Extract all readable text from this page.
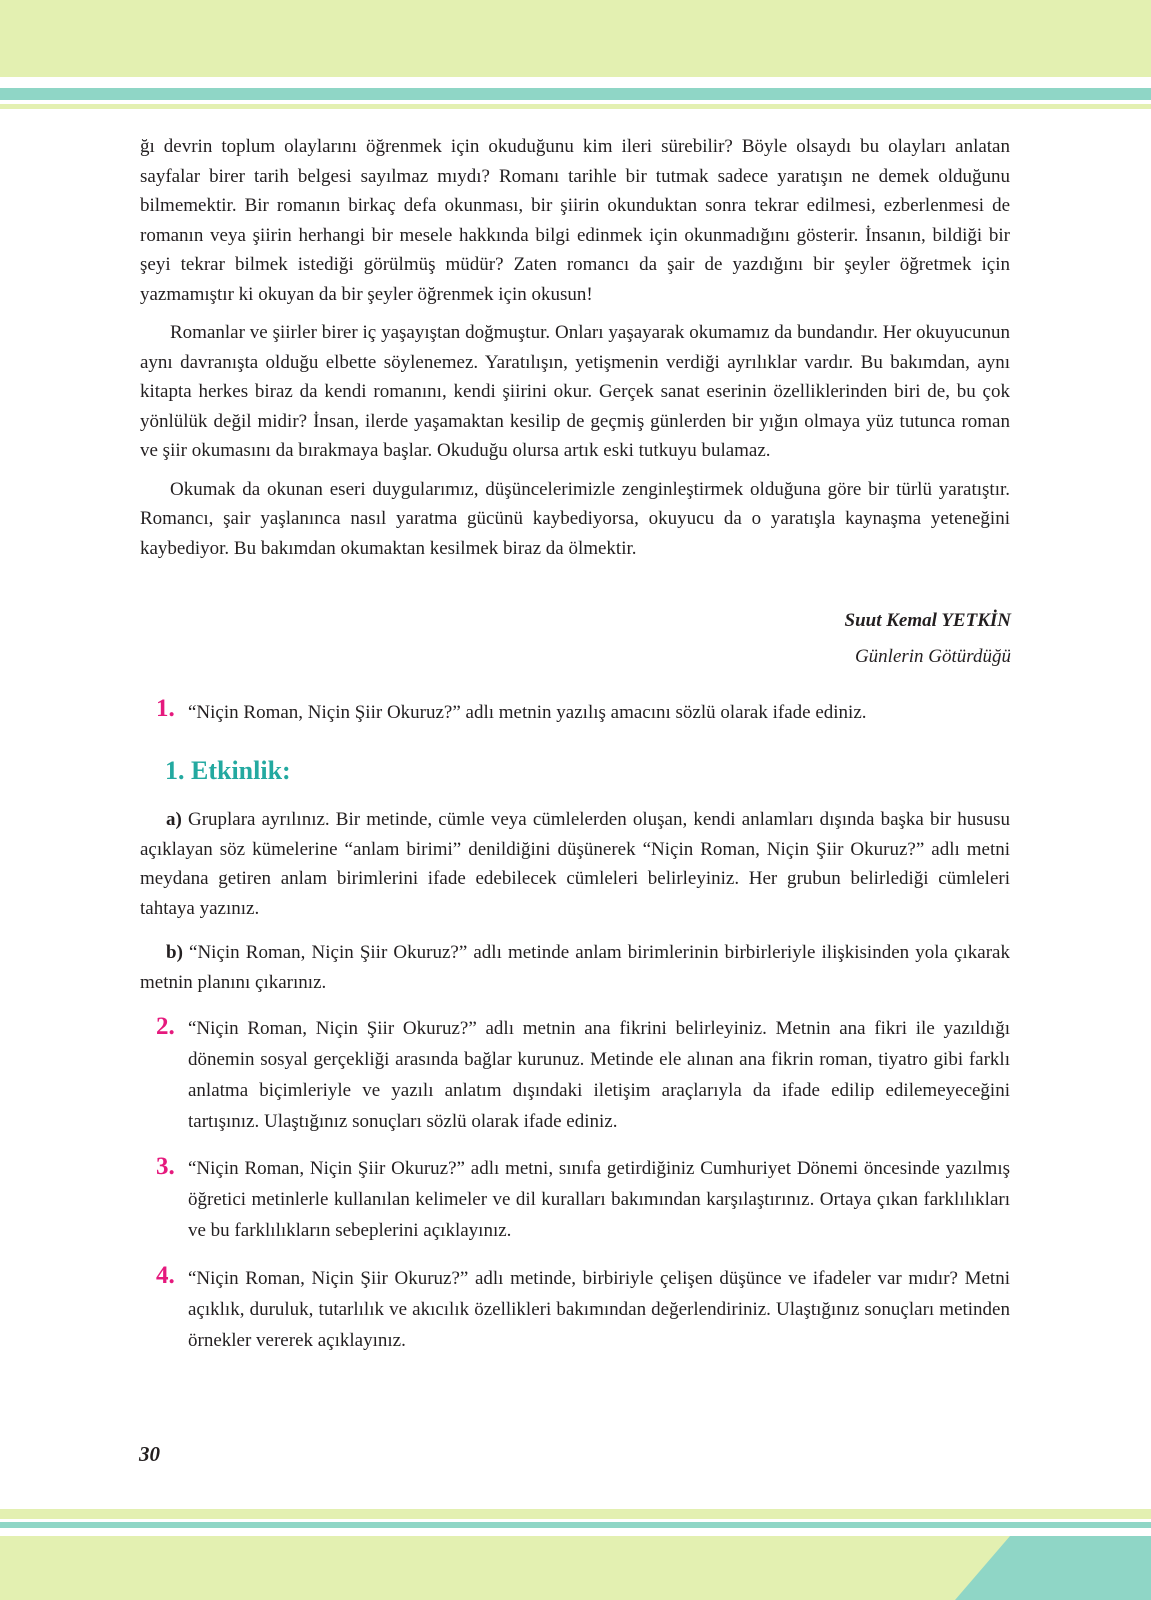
ğı devrin toplum olaylarını öğrenmek için okuduğunu kim ileri sürebilir? Böyle olsaydı bu olayları anlatan sayfalar birer tarih belgesi sayılmaz mıydı? Romanı tarihle bir tutmak sadece yaratışın ne demek olduğunu bilmemektir. Bir romanın birkaç defa okunması, bir şiirin okunduktan sonra tekrar edilmesi, ezberlenmesi de romanın veya şiirin herhangi bir mesele hakkında bilgi edinmek için okunmadığını gösterir. İnsanın, bildiği bir şeyi tekrar bilmek istediği görülmüş müdür? Zaten romancı da şair de yazdığını bir şeyler öğretmek için yazmamıştır ki okuyan da bir şeyler öğrenmek için okusun!

Romanlar ve şiirler birer iç yaşayıştan doğmuştur. Onları yaşayarak okumamız da bundandır. Her okuyucunun aynı davranışta olduğu elbette söylenemez. Yaratılışın, yetişmenin verdiği ayrılıklar vardır. Bu bakımdan, aynı kitapta herkes biraz da kendi romanını, kendi şiirini okur. Gerçek sanat eserinin özelliklerinden biri de, bu çok yönlülük değil midir? İnsan, ilerde yaşamaktan kesilip de geçmiş günlerden bir yığın olmaya yüz tutunca roman ve şiir okumasını da bırakmaya başlar. Okuduğu olursa artık eski tutkuyu bulamaz.

Okumak da okunan eseri duygularımız, düşüncelerimizle zenginleştirmek olduğuna göre bir türlü yaratıştır. Romancı, şair yaşlanınca nasıl yaratma gücünü kaybediyorsa, okuyucu da o yaratışla kaynaşma yeteneğini kaybediyor. Bu bakımdan okumaktan kesilmek biraz da ölmektir.

Suut Kemal YETKİN
Günlerin Götürdüğü
1. “Niçin Roman, Niçin Şiir Okuruz?” adlı metnin yazılış amacını sözlü olarak ifade ediniz.

1. Etkinlik:

a) Gruplara ayrılınız. Bir metinde, cümle veya cümlelerden oluşan, kendi anlamları dışında başka bir hususu açıklayan söz kümelerine “anlam birimi” denildiğini düşünerek “Niçin Roman, Niçin Şiir Okuruz?” adlı metni meydana getiren anlam birimlerini ifade edebilecek cümleleri belirleyiniz. Her grubun belirlediği cümleleri tahtaya yazınız.

b) “Niçin Roman, Niçin Şiir Okuruz?” adlı metinde anlam birimlerinin birbirleriyle ilişkisinden yola çıkarak metnin planını çıkarınız.

2. “Niçin Roman, Niçin Şiir Okuruz?” adlı metnin ana fikrini belirleyiniz. Metnin ana fikri ile yazıldığı dönemin sosyal gerçekliği arasında bağlar kurunuz. Metinde ele alınan ana fikrin roman, tiyatro gibi farklı anlatma biçimleriyle ve yazılı anlatım dışındaki iletişim araçlarıyla da ifade edilip edilemeyeceğini tartışınız. Ulaştığınız sonuçları sözlü olarak ifade ediniz.

3. “Niçin Roman, Niçin Şiir Okuruz?” adlı metni, sınıfa getirdiğiniz Cumhuriyet Dönemi öncesinde yazılmış öğretici metinlerle kullanılan kelimeler ve dil kuralları bakımından karşılaştırınız. Ortaya çıkan farklılıkları ve bu farklılıkların sebeplerini açıklayınız.

4. “Niçin Roman, Niçin Şiir Okuruz?” adlı metinde, birbiriyle çelişen düşünce ve ifadeler var mıdır? Metni açıklık, duruluk, tutarlılık ve akıcılık özellikleri bakımından değerlendiriniz. Ulaştığınız sonuçları metinden örnekler vererek açıklayınız.

30
